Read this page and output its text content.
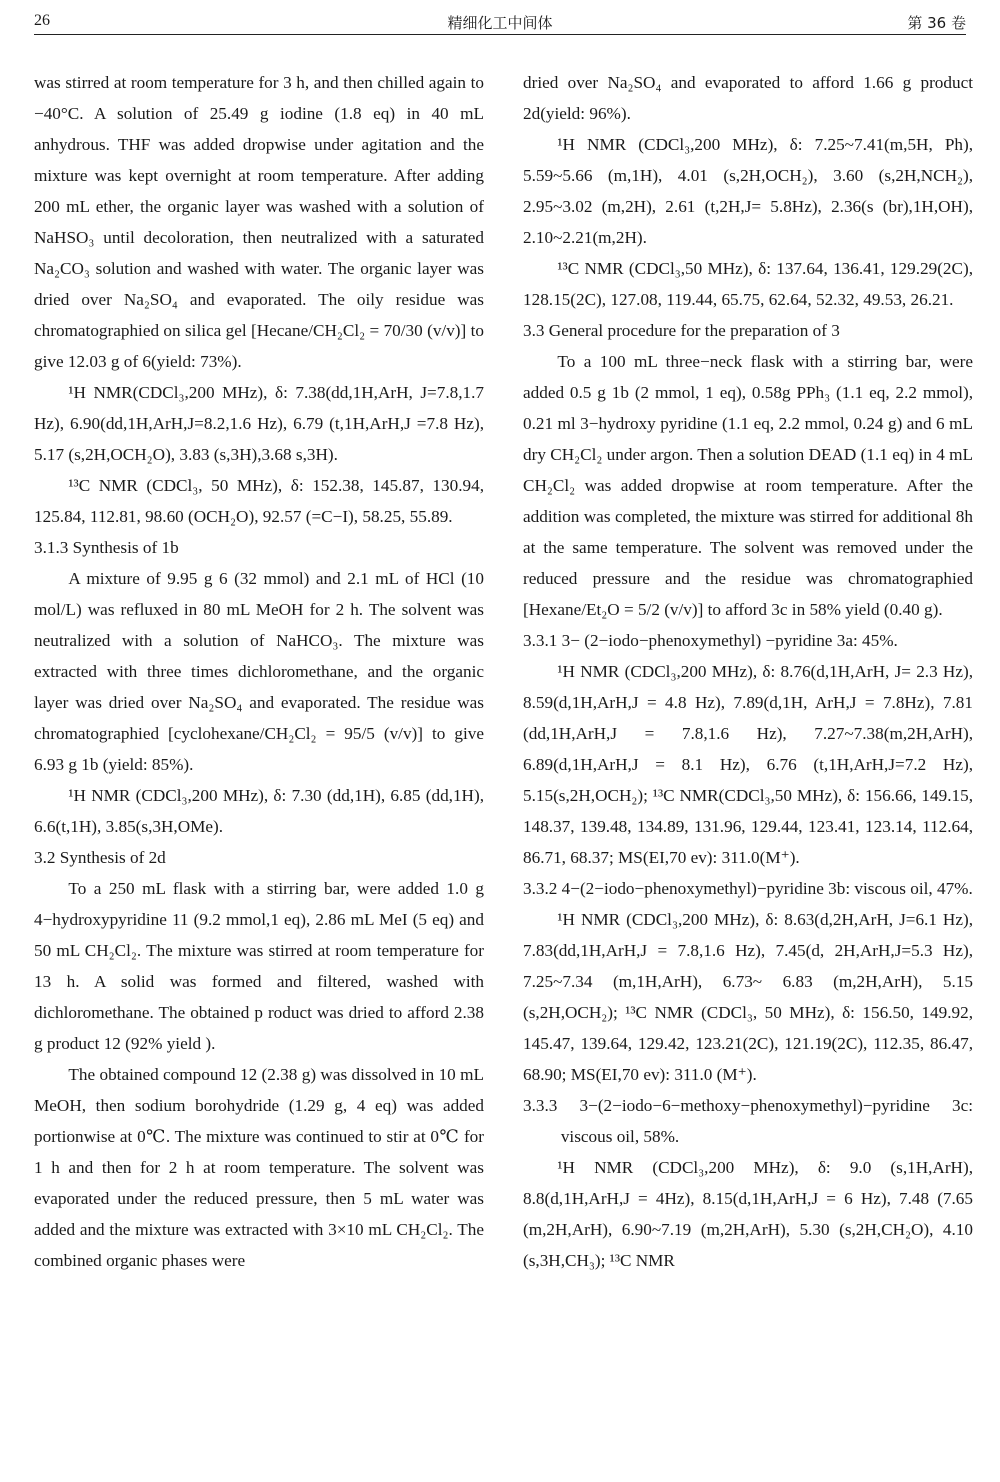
26	精细化工中间体	第 36 卷

was stirred at room temperature for 3 h, and then chilled again to −40°C. A solution of 25.49 g iodine (1.8 eq) in 40 mL anhydrous. THF was added dropwise under agitation and the mixture was kept overnight at room temperature. After adding 200 mL ether, the organic layer was washed with a solution of NaHSO₃ until decoloration, then neutralized with a saturated Na₂CO₃ solution and washed with water. The organic layer was dried over Na₂SO₄ and evaporated. The oily residue was chromatographied on silica gel [Hecane/CH₂Cl₂ = 70/30 (v/v)] to give 12.03 g of 6(yield: 73%).

¹H NMR(CDCl₃,200 MHz), δ: 7.38(dd,1H,ArH, J=7.8,1.7 Hz), 6.90(dd,1H,ArH,J=8.2,1.6 Hz), 6.79 (t,1H,ArH,J =7.8 Hz), 5.17 (s,2H,OCH₂O), 3.83 (s,3H),3.68 s,3H).

¹³C NMR (CDCl₃, 50 MHz), δ: 152.38, 145.87, 130.94, 125.84, 112.81, 98.60 (OCH₂O), 92.57 (=C−I), 58.25, 55.89.

3.1.3 Synthesis of 1b

A mixture of 9.95 g 6 (32 mmol) and 2.1 mL of HCl (10 mol/L) was refluxed in 80 mL MeOH for 2 h. The solvent was neutralized with a solution of NaHCO₃. The mixture was extracted with three times dichloromethane, and the organic layer was dried over Na₂SO₄ and evaporated. The residue was chromatographied [cyclohexane/CH₂Cl₂ = 95/5 (v/v)] to give 6.93 g 1b (yield: 85%).

¹H NMR (CDCl₃,200 MHz), δ: 7.30 (dd,1H), 6.85 (dd,1H), 6.6(t,1H), 3.85(s,3H,OMe).

3.2 Synthesis of 2d

To a 250 mL flask with a stirring bar, were added 1.0 g 4−hydroxypyridine 11 (9.2 mmol,1 eq), 2.86 mL MeI (5 eq) and 50 mL CH₂Cl₂. The mixture was stirred at room temperature for 13 h. A solid was formed and filtered, washed with dichloromethane. The obtained p roduct was dried to afford 2.38 g product 12 (92% yield ).

The obtained compound 12 (2.38 g) was dissolved in 10 mL MeOH, then sodium borohydride (1.29 g, 4 eq) was added portionwise at 0℃. The mixture was continued to stir at 0℃ for 1 h and then for 2 h at room temperature. The solvent was evaporated under the reduced pressure, then 5 mL water was added and the mixture was extracted with 3×10 mL CH₂Cl₂. The combined organic phases were

dried over Na₂SO₄ and evaporated to afford 1.66 g product 2d(yield: 96%).

¹H NMR (CDCl₃,200 MHz), δ: 7.25~7.41(m,5H, Ph), 5.59~5.66 (m,1H), 4.01 (s,2H,OCH₂), 3.60 (s,2H,NCH₂), 2.95~3.02 (m,2H), 2.61 (t,2H,J= 5.8Hz), 2.36(s (br),1H,OH), 2.10~2.21(m,2H).

¹³C NMR (CDCl₃,50 MHz), δ: 137.64, 136.41, 129.29(2C), 128.15(2C), 127.08, 119.44, 65.75, 62.64, 52.32, 49.53, 26.21.

3.3 General procedure for the preparation of 3

To a 100 mL three−neck flask with a stirring bar, were added 0.5 g 1b (2 mmol, 1 eq), 0.58g PPh₃ (1.1 eq, 2.2 mmol), 0.21 ml 3−hydroxy pyridine (1.1 eq, 2.2 mmol, 0.24 g) and 6 mL dry CH₂Cl₂ under argon. Then a solution DEAD (1.1 eq) in 4 mL CH₂Cl₂ was added dropwise at room temperature. After the addition was completed, the mixture was stirred for additional 8h at the same temperature. The solvent was removed under the reduced pressure and the residue was chromatographied [Hexane/Et₂O = 5/2 (v/v)] to afford 3c in 58% yield (0.40 g).

3.3.1 3− (2−iodo−phenoxymethyl) −pyridine 3a: 45%.

¹H NMR (CDCl₃,200 MHz), δ: 8.76(d,1H,ArH, J= 2.3 Hz), 8.59(d,1H,ArH,J = 4.8 Hz), 7.89(d,1H, ArH,J = 7.8Hz), 7.81 (dd,1H,ArH,J = 7.8,1.6 Hz), 7.27~7.38(m,2H,ArH), 6.89(d,1H,ArH,J = 8.1 Hz), 6.76 (t,1H,ArH,J=7.2 Hz), 5.15(s,2H,OCH₂); ¹³C NMR(CDCl₃,50 MHz), δ: 156.66, 149.15, 148.37, 139.48, 134.89, 131.96, 129.44, 123.41, 123.14, 112.64, 86.71, 68.37; MS(EI,70 ev): 311.0(M⁺).

3.3.2 4−(2−iodo−phenoxymethyl)−pyridine 3b: viscous oil, 47%.

¹H NMR (CDCl₃,200 MHz), δ: 8.63(d,2H,ArH, J=6.1 Hz), 7.83(dd,1H,ArH,J = 7.8,1.6 Hz), 7.45(d, 2H,ArH,J=5.3 Hz), 7.25~7.34 (m,1H,ArH), 6.73~ 6.83 (m,2H,ArH), 5.15 (s,2H,OCH₂); ¹³C NMR (CDCl₃, 50 MHz), δ: 156.50, 149.92, 145.47, 139.64, 129.42, 123.21(2C), 121.19(2C), 112.35, 86.47, 68.90; MS(EI,70 ev): 311.0 (M⁺).

3.3.3 3−(2−iodo−6−methoxy−phenoxymethyl)−pyridine 3c: viscous oil, 58%.

¹H NMR (CDCl₃,200 MHz), δ: 9.0 (s,1H,ArH), 8.8(d,1H,ArH,J = 4Hz), 8.15(d,1H,ArH,J = 6 Hz), 7.48 (7.65 (m,2H,ArH), 6.90~7.19 (m,2H,ArH), 5.30 (s,2H,CH₂O), 4.10 (s,3H,CH₃); ¹³C NMR
